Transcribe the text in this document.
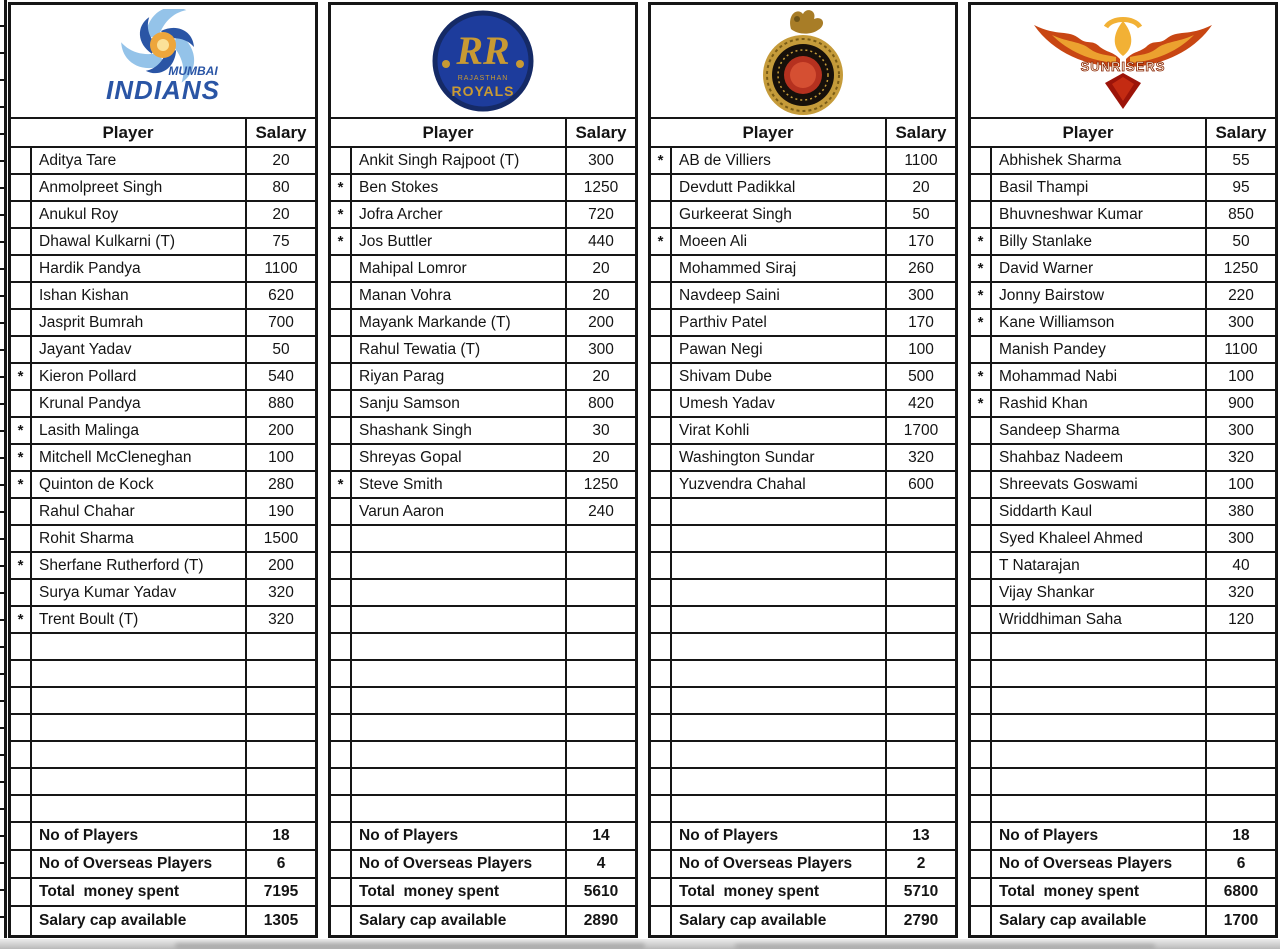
MUMBAI
INDIANS
Player	Salary
Aditya Tare	20
Anmolpreet Singh	80
Anukul Roy	20
Dhawal Kulkarni (T)	75
Hardik Pandya	1100
Ishan Kishan	620
Jasprit Bumrah	700
Jayant Yadav	50
*	Kieron Pollard	540
Krunal Pandya	880
*	Lasith Malinga	200
*	Mitchell McCleneghan	100
*	Quinton de Kock	280
Rahul Chahar	190
Rohit Sharma	1500
*	Sherfane Rutherford (T)	200
Surya Kumar Yadav	320
*	Trent Boult (T)	320
No of Players	18
No of Overseas Players	6
Total  money spent	7195
Salary cap available	1305
RR
RAJASTHAN
ROYALS
Player	Salary
Ankit Singh Rajpoot (T)	300
*	Ben Stokes	1250
*	Jofra Archer	720
*	Jos Buttler	440
Mahipal Lomror	20
Manan Vohra	20
Mayank Markande (T)	200
Rahul Tewatia (T)	300
Riyan Parag	20
Sanju Samson	800
Shashank Singh	30
Shreyas Gopal	20
*	Steve Smith	1250
Varun Aaron	240
No of Players	14
No of Overseas Players	4
Total  money spent	5610
Salary cap available	2890
Player	Salary
*	AB de Villiers	1100
Devdutt Padikkal	20
Gurkeerat Singh	50
*	Moeen Ali	170
Mohammed Siraj	260
Navdeep Saini	300
Parthiv Patel	170
Pawan Negi	100
Shivam Dube	500
Umesh Yadav	420
Virat Kohli	1700
Washington Sundar	320
Yuzvendra Chahal	600
No of Players	13
No of Overseas Players	2
Total  money spent	5710
Salary cap available	2790
SUNRISERS
Player	Salary
Abhishek Sharma	55
Basil Thampi	95
Bhuvneshwar Kumar	850
*	Billy Stanlake	50
*	David Warner	1250
*	Jonny Bairstow	220
*	Kane Williamson	300
Manish Pandey	1100
*	Mohammad Nabi	100
*	Rashid Khan	900
Sandeep Sharma	300
Shahbaz Nadeem	320
Shreevats Goswami	100
Siddarth Kaul	380
Syed Khaleel Ahmed	300
T Natarajan	40
Vijay Shankar	320
Wriddhiman Saha	120
No of Players	18
No of Overseas Players	6
Total  money spent	6800
Salary cap available	1700
